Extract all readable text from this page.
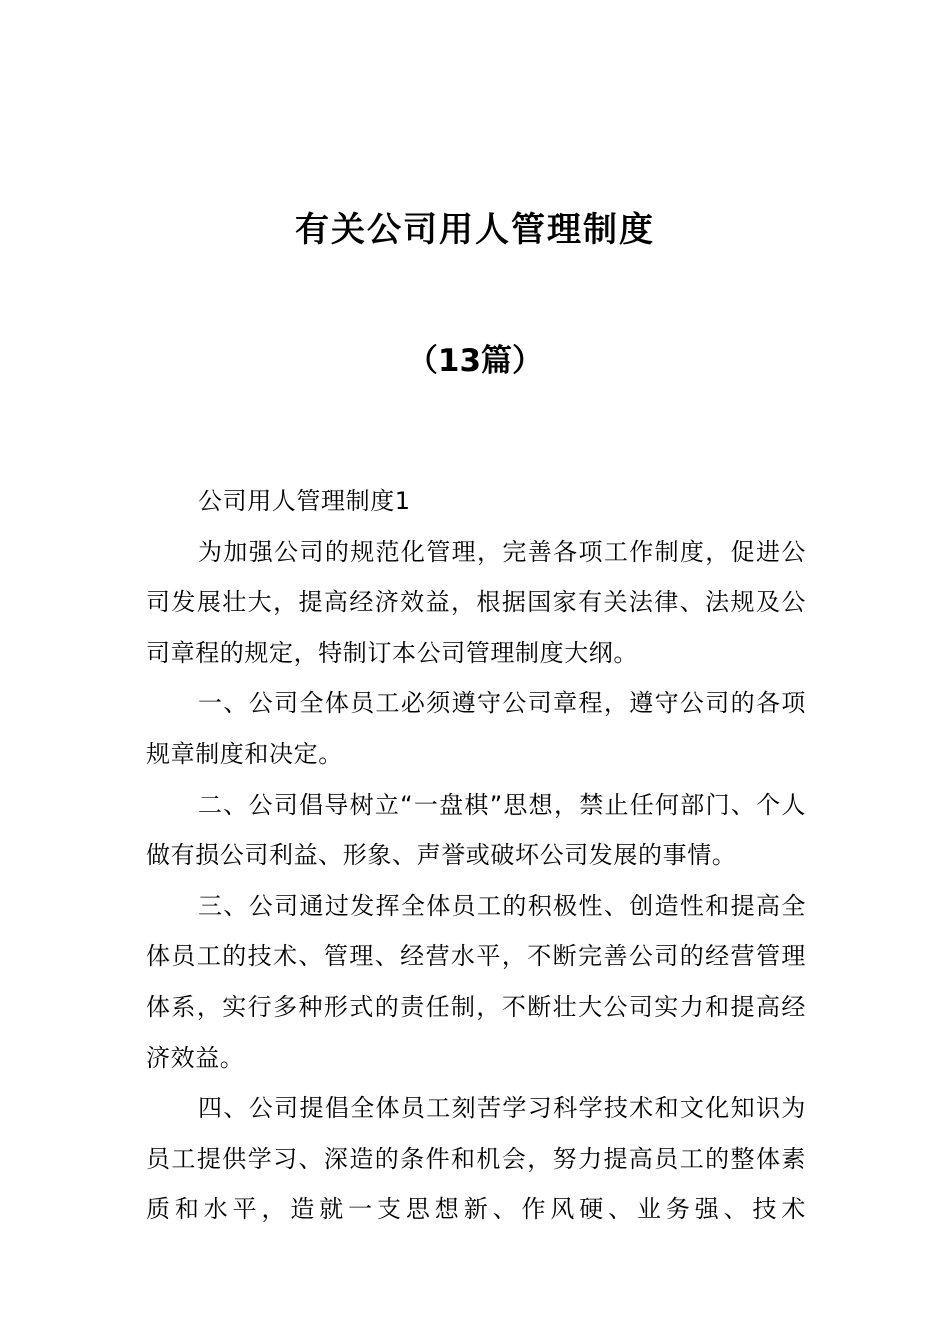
有关公司用人管理制度
（13篇）

公司用人管理制度1

为加强公司的规范化管理，完善各项工作制度，促进公司发展壮大，提高经济效益，根据国家有关法律、法规及公司章程的规定，特制订本公司管理制度大纲。

一、公司全体员工必须遵守公司章程，遵守公司的各项规章制度和决定。

二、公司倡导树立“一盘棋”思想，禁止任何部门、个人做有损公司利益、形象、声誉或破坏公司发展的事情。

三、公司通过发挥全体员工的积极性、创造性和提高全体员工的技术、管理、经营水平，不断完善公司的经营管理体系，实行多种形式的责任制，不断壮大公司实力和提高经济效益。

四、公司提倡全体员工刻苦学习科学技术和文化知识为员工提供学习、深造的条件和机会，努力提高员工的整体素质和水平，造就一支思想新、作风硬、业务强、技术
